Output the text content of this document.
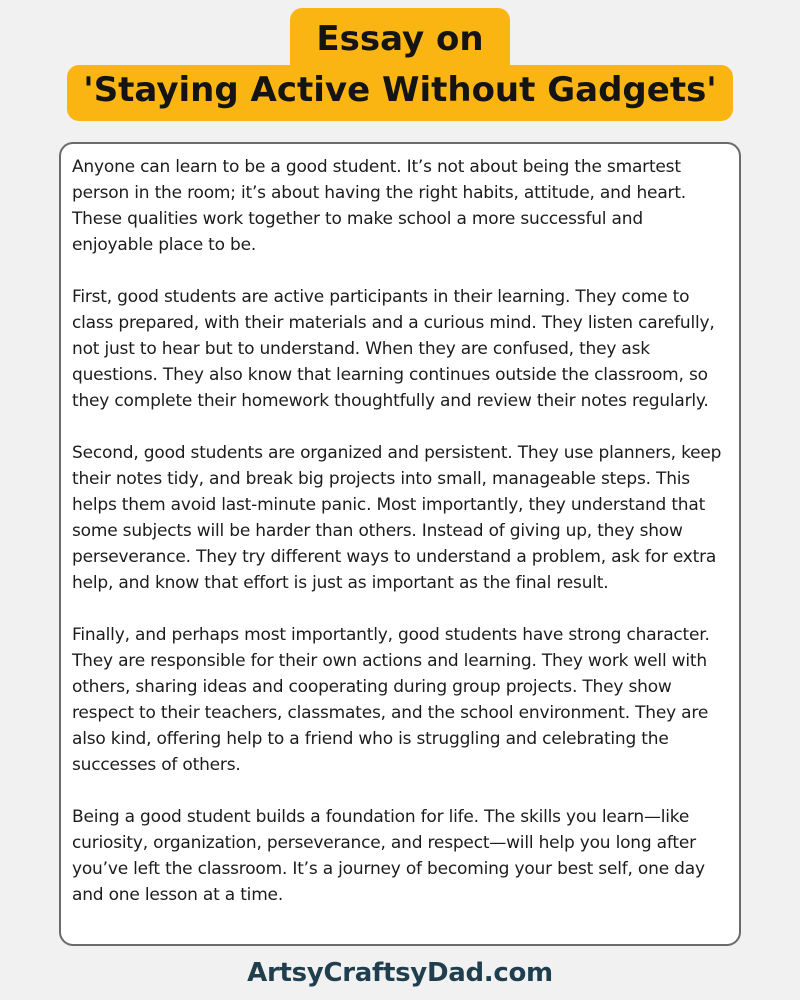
Essay on
'Staying Active Without Gadgets'

Anyone can learn to be a good student. It’s not about being the smartest person in the room; it’s about having the right habits, attitude, and heart. These qualities work together to make school a more successful and enjoyable place to be.

First, good students are active participants in their learning. They come to class prepared, with their materials and a curious mind. They listen carefully, not just to hear but to understand. When they are confused, they ask questions. They also know that learning continues outside the classroom, so they complete their homework thoughtfully and review their notes regularly.

Second, good students are organized and persistent. They use planners, keep their notes tidy, and break big projects into small, manageable steps. This helps them avoid last-minute panic. Most importantly, they understand that some subjects will be harder than others. Instead of giving up, they show perseverance. They try different ways to understand a problem, ask for extra help, and know that effort is just as important as the final result.

Finally, and perhaps most importantly, good students have strong character. They are responsible for their own actions and learning. They work well with others, sharing ideas and cooperating during group projects. They show respect to their teachers, classmates, and the school environment. They are also kind, offering help to a friend who is struggling and celebrating the successes of others.

Being a good student builds a foundation for life. The skills you learn—like curiosity, organization, perseverance, and respect—will help you long after you’ve left the classroom. It’s a journey of becoming your best self, one day and one lesson at a time.

ArtsyCraftsyDad.com
